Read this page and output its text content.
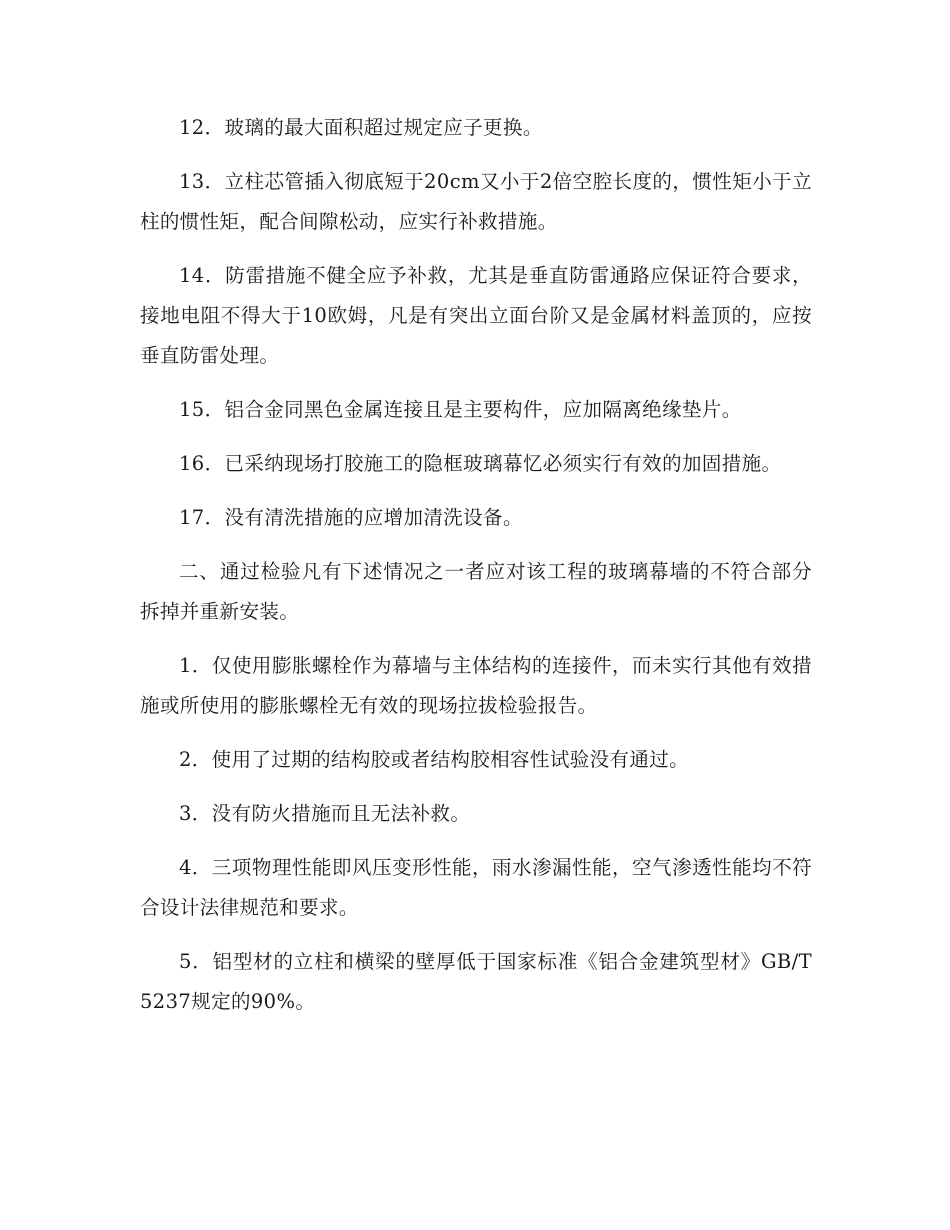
12．玻璃的最大面积超过规定应子更换。

13．立柱芯管插入彻底短于20cm又小于2倍空腔长度的，惯性矩小于立柱的惯性矩，配合间隙松动，应实行补救措施。

14．防雷措施不健全应予补救，尤其是垂直防雷通路应保证符合要求，接地电阻不得大于10欧姆，凡是有突出立面台阶又是金属材料盖顶的，应按垂直防雷处理。

15．铝合金同黑色金属连接且是主要构件，应加隔离绝缘垫片。

16．已采纳现场打胶施工的隐框玻璃幕忆必须实行有效的加固措施。

17．没有清洗措施的应增加清洗设备。

二、通过检验凡有下述情况之一者应对该工程的玻璃幕墙的不符合部分拆掉并重新安装。

1．仅使用膨胀螺栓作为幕墙与主体结构的连接件，而未实行其他有效措施或所使用的膨胀螺栓无有效的现场拉拔检验报告。

2．使用了过期的结构胶或者结构胶相容性试验没有通过。

3．没有防火措施而且无法补救。

4．三项物理性能即风压变形性能，雨水渗漏性能，空气渗透性能均不符合设计法律规范和要求。

5．铝型材的立柱和横梁的壁厚低于国家标准《铝合金建筑型材》GB/T5237规定的90%。
